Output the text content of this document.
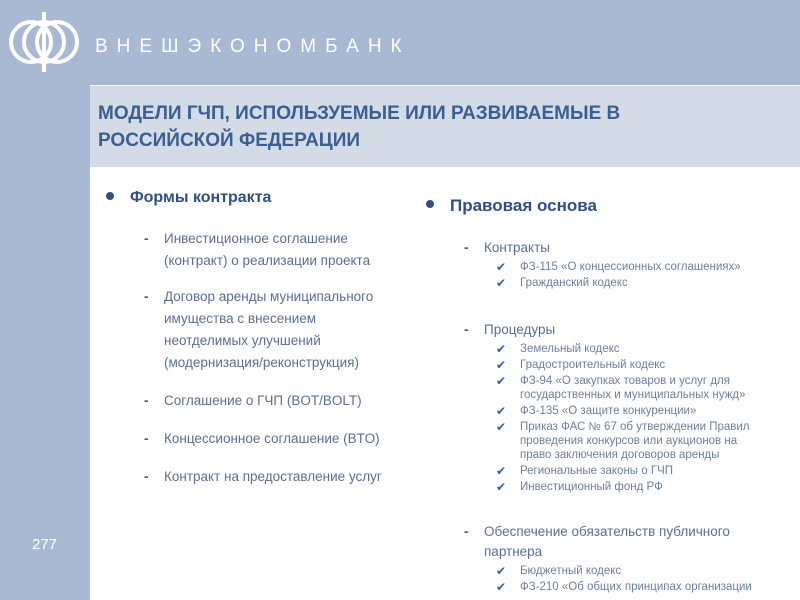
ВНЕШЭКОНОМБАНК
МОДЕЛИ ГЧП, ИСПОЛЬЗУЕМЫЕ ИЛИ РАЗВИВАЕМЫЕ В
РОССИЙСКОЙ ФЕДЕРАЦИИ
277
Формы контракта
- Инвестиционное соглашение
(контракт) о реализации проекта
- Договор аренды муниципального
имущества с внесением
неотделимых улучшений
(модернизация/реконструкция)
- Соглашение о ГЧП (BOT/BOLT)
- Концессионное соглашение (BTO)
- Контракт на предоставление услуг
Правовая основа
- Контракты
✔ ФЗ-115 «О концессионных соглашениях»
✔ Гражданский кодекс
- Процедуры
✔ Земельный кодекс
✔ Градостроительный кодекс
✔ ФЗ-94 «О закупках товаров и услуг для
государственных и муниципальных нужд»
✔ ФЗ-135 «О защите конкуренции»
✔ Приказ ФАС № 67 об утверждении Правил
проведения конкурсов или аукционов на
право заключения договоров аренды
✔ Региональные законы о ГЧП
✔ Инвестиционный фонд РФ
- Обеспечение обязательств публичного
партнера
✔ Бюджетный кодекс
✔ ФЗ-210 «Об общих принципах организации
